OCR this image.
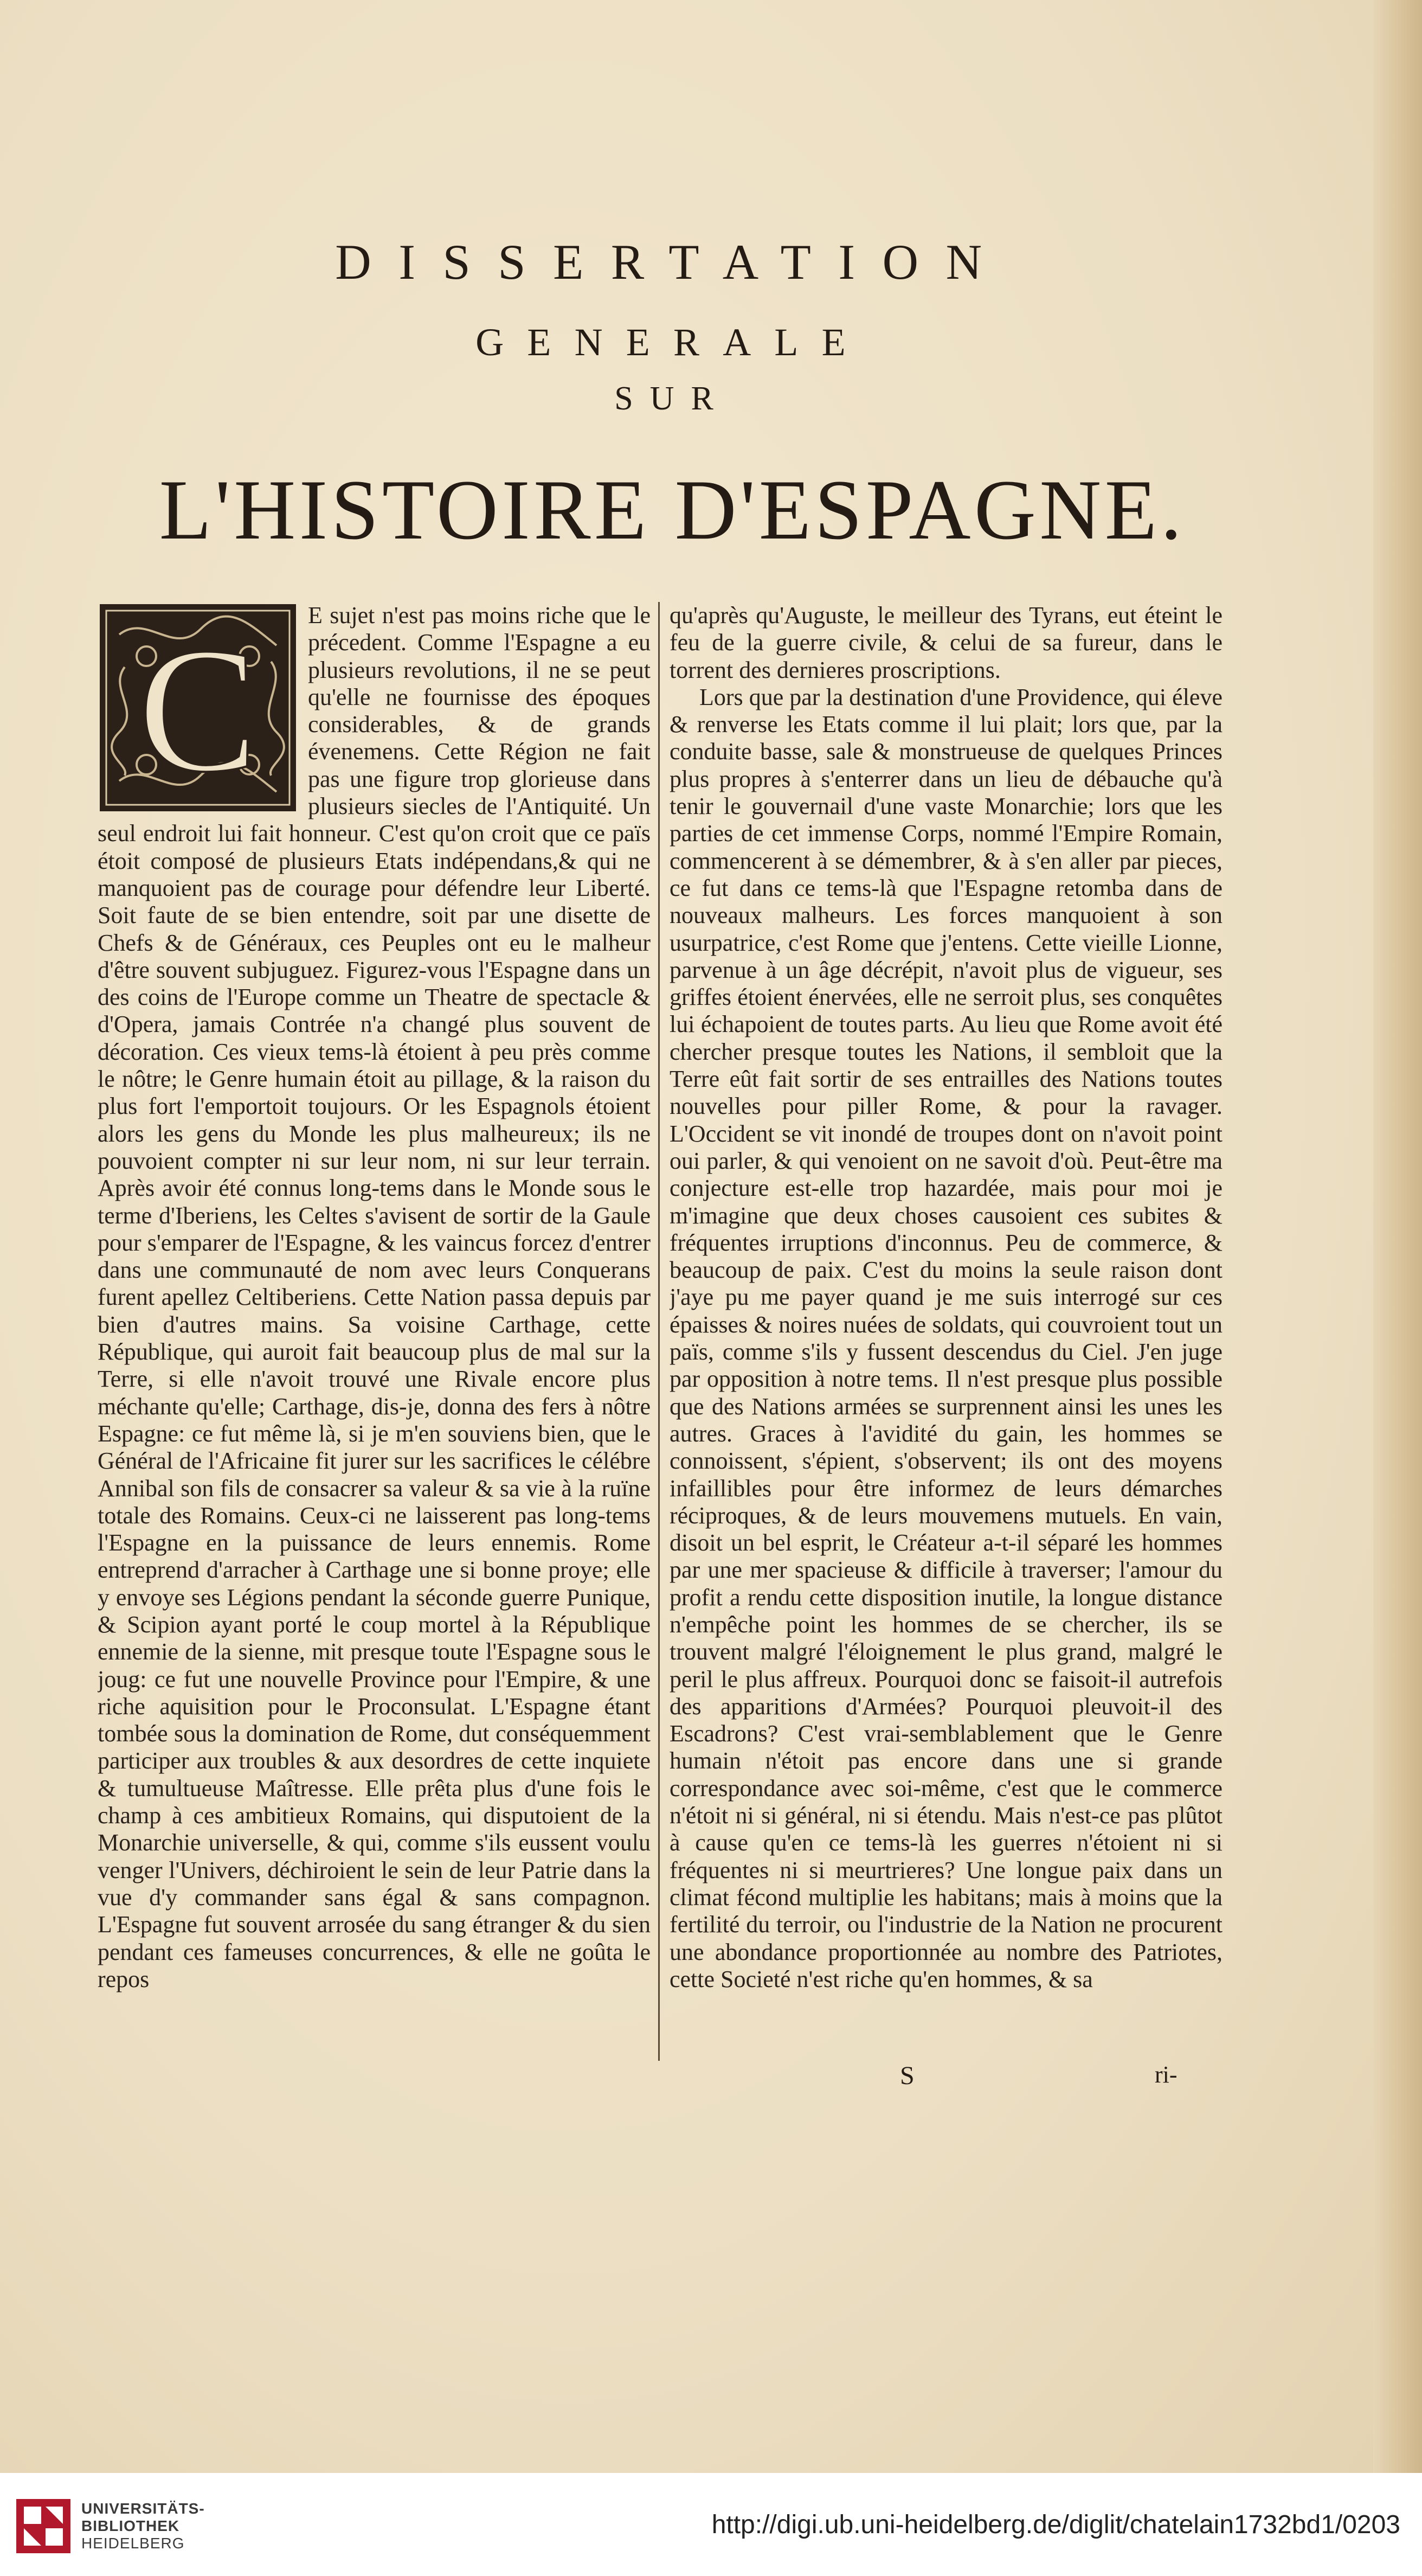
DISSERTATION
GENERALE
SUR
L'HISTOIRE D'ESPAGNE.
C	E sujet n'est pas moins riche que le précedent. Comme l'Espagne a eu plusieurs revolutions, il ne se peut qu'elle ne fournisse des époques considerables, & de grands évenemens. Cette Région ne fait pas une figure trop glorieuse dans plusieurs siecles de l'Antiquité. Un seul endroit lui fait honneur. C'est qu'on croit que ce païs étoit composé de plusieurs Etats indépendans,& qui ne manquoient pas de courage pour défendre leur Liberté. Soit faute de se bien entendre, soit par une disette de Chefs & de Généraux, ces Peuples ont eu le malheur d'être souvent subjuguez. Figurez-vous l'Espagne dans un des coins de l'Europe comme un Theatre de spectacle & d'Opera, jamais Contrée n'a changé plus souvent de décoration. Ces vieux tems-là étoient à peu près comme le nôtre; le Genre humain étoit au pillage, & la raison du plus fort l'emportoit toujours. Or les Espagnols étoient alors les gens du Monde les plus malheureux; ils ne pouvoient compter ni sur leur nom, ni sur leur terrain. Après avoir été connus long-tems dans le Monde sous le terme d'Iberiens, les Celtes s'avisent de sortir de la Gaule pour s'emparer de l'Espagne, & les vaincus forcez d'entrer dans une communauté de nom avec leurs Conquerans furent apellez Celtiberiens. Cette Nation passa depuis par bien d'autres mains. Sa voisine Carthage, cette République, qui auroit fait beaucoup plus de mal sur la Terre, si elle n'avoit trouvé une Rivale encore plus méchante qu'elle; Carthage, dis-je, donna des fers à nôtre Espagne: ce fut même là, si je m'en souviens bien, que le Général de l'Africaine fit jurer sur les sacrifices le célébre Annibal son fils de consacrer sa valeur & sa vie à la ruïne totale des Romains. Ceux-ci ne laisserent pas long-tems l'Espagne en la puissance de leurs ennemis. Rome entreprend d'arracher à Carthage une si bonne proye; elle y envoye ses Légions pendant la séconde guerre Punique, & Scipion ayant porté le coup mortel à la République ennemie de la sienne, mit presque toute l'Espagne sous le joug: ce fut une nouvelle Province pour l'Empire, & une riche aquisition pour le Proconsulat. L'Espagne étant tombée sous la domination de Rome, dut conséquemment participer aux troubles & aux desordres de cette inquiete & tumultueuse Maîtresse. Elle prêta plus d'une fois le champ à ces ambitieux Romains, qui disputoient de la Monarchie universelle, & qui, comme s'ils eussent voulu venger l'Univers, déchiroient le sein de leur Patrie dans la vue d'y commander sans égal & sans compagnon. L'Espagne fut souvent arrosée du sang étranger & du sien pendant ces fameuses concurrences, & elle ne goûta le repos

qu'après qu'Auguste, le meilleur des Tyrans, eut éteint le feu de la guerre civile, & celui de sa fureur, dans le torrent des dernieres proscriptions.

Lors que par la destination d'une Providence, qui éleve & renverse les Etats comme il lui plait; lors que, par la conduite basse, sale & monstrueuse de quelques Princes plus propres à s'enterrer dans un lieu de débauche qu'à tenir le gouvernail d'une vaste Monarchie; lors que les parties de cet immense Corps, nommé l'Empire Romain, commencerent à se démembrer, & à s'en aller par pieces, ce fut dans ce tems-là que l'Espagne retomba dans de nouveaux malheurs. Les forces manquoient à son usurpatrice, c'est Rome que j'entens. Cette vieille Lionne, parvenue à un âge décrépit, n'avoit plus de vigueur, ses griffes étoient énervées, elle ne serroit plus, ses conquêtes lui échapoient de toutes parts. Au lieu que Rome avoit été chercher presque toutes les Nations, il sembloit que la Terre eût fait sortir de ses entrailles des Nations toutes nouvelles pour piller Rome, & pour la ravager. L'Occident se vit inondé de troupes dont on n'avoit point oui parler, & qui venoient on ne savoit d'où. Peut-être ma conjecture est-elle trop hazardée, mais pour moi je m'imagine que deux choses causoient ces subites & fréquentes irruptions d'inconnus. Peu de commerce, & beaucoup de paix. C'est du moins la seule raison dont j'aye pu me payer quand je me suis interrogé sur ces épaisses & noires nuées de soldats, qui couvroient tout un païs, comme s'ils y fussent descendus du Ciel. J'en juge par opposition à notre tems. Il n'est presque plus possible que des Nations armées se surprennent ainsi les unes les autres. Graces à l'avidité du gain, les hommes se connoissent, s'épient, s'observent; ils ont des moyens infaillibles pour être informez de leurs démarches réciproques, & de leurs mouvemens mutuels. En vain, disoit un bel esprit, le Créateur a-t-il séparé les hommes par une mer spacieuse & difficile à traverser; l'amour du profit a rendu cette disposition inutile, la longue distance n'empêche point les hommes de se chercher, ils se trouvent malgré l'éloignement le plus grand, malgré le peril le plus affreux. Pourquoi donc se faisoit-il autrefois des apparitions d'Armées? Pourquoi pleuvoit-il des Escadrons? C'est vrai-semblablement que le Genre humain n'étoit pas encore dans une si grande correspondance avec soi-même, c'est que le commerce n'étoit ni si général, ni si étendu. Mais n'est-ce pas plûtot à cause qu'en ce tems-là les guerres n'étoient ni si fréquentes ni si meurtrieres? Une longue paix dans un climat fécond multiplie les habitans; mais à moins que la fertilité du terroir, ou l'industrie de la Nation ne procurent une abondance proportionnée au nombre des Patriotes, cette Societé n'est riche qu'en hommes, & sa

S	ri-
UNIVERSITÄTS-
BIBLIOTHEK
HEIDELBERG
http://digi.ub.uni-heidelberg.de/diglit/chatelain1732bd1/0203
